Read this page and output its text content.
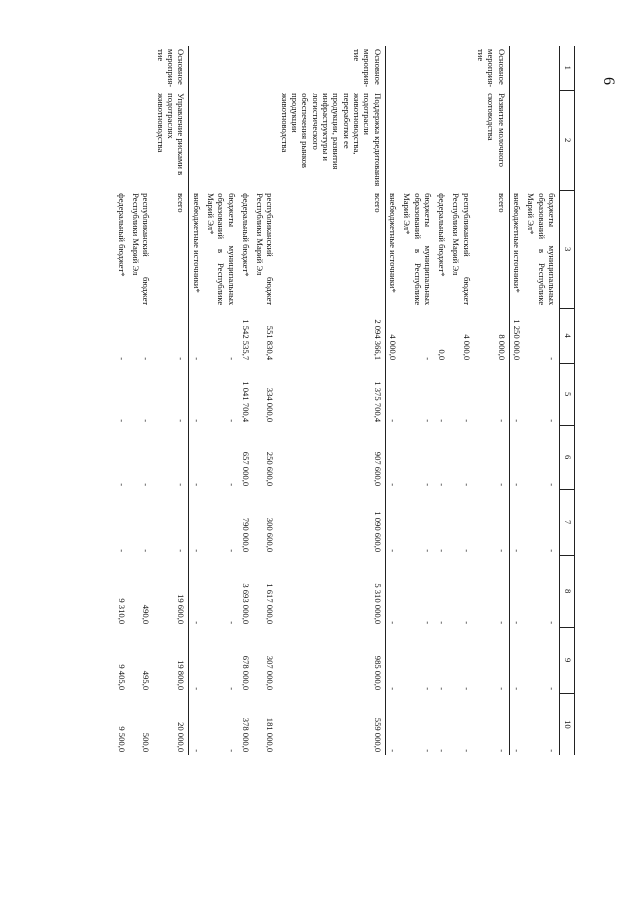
6
1	2	3	4	5	6	7	8	9	10
		бюджеты муниципальных образований в Республике Марий Эл*	-	-	-	-	-	-	-
		внебюджетные источники*	1 250 000,0	-	-	-	-	-	-
Основное мероприя-тие	Развитие молочного скотоводства	всего	8 000,0	-	-	-	-	-	-
		республиканский бюджет Республики Марий Эл	4 000,0	-	-	-	-	-	-
		федеральный бюджет*	0,0	-	-	-	-	-	-
		бюджеты муниципальных образований в Республике Марий Эл*	-	-	-	-	-	-	-
		внебюджетные источники*	4 000,0	-	-	-	-	-	-
Основное мероприя-тие	Поддержка кредитования подотрасли животноводства, переработки ее продукции, развития инфраструктуры и логистического обеспечения рынков продукции животноводства	всего	2 094 366,1	1 375 700,4	907 600,0	1 090 600,0	5 310 000,0	985 000,0	559 000,0
		республиканский бюджет Республики Марий Эл	551 830,4	334 000,0	250 600,0	300 600,0	1 617 000,0	307 000,0	181 000,0
		федеральный бюджет*	1 542 535,7	1 041 700,4	657 000,0	790 000,0	3 693 000,0	678 000,0	378 000,0
		бюджеты муниципальных образований в Республике Марий Эл*	-	-	-	-	-	-	-
		внебюджетные источники*	-	-	-	-	-	-	-
Основное мероприя-тие	Управление рисками в подотраслях животноводства	всего	-	-	-	-	19 600,0	19 800,0	20 000,0
		республиканский бюджет Республики Марий Эл	-	-	-	-	490,0	495,0	500,0
		федеральный бюджет*	-	-	-	-	9 310,0	9 405,0	9 500,0
